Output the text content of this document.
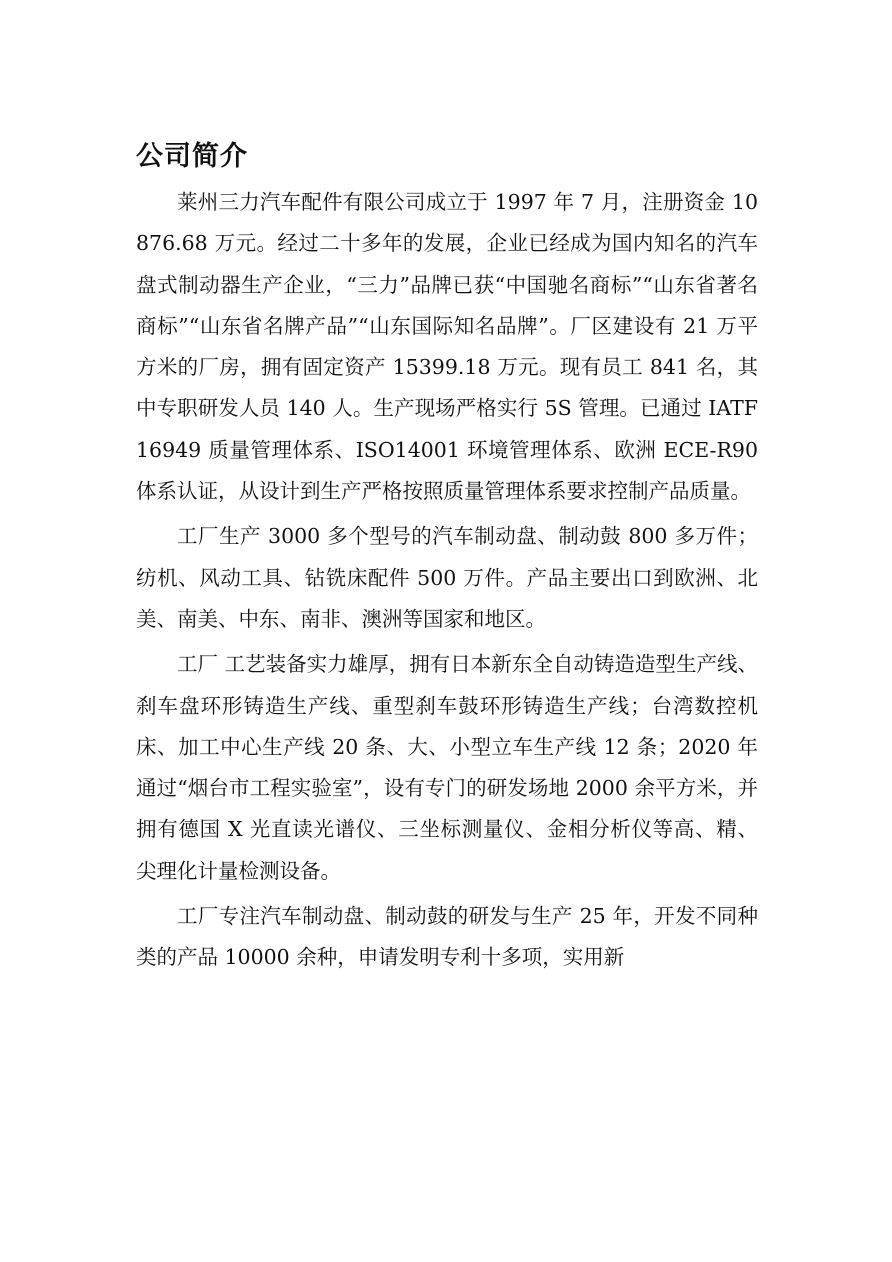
公司简介

莱州三力汽车配件有限公司成立于 1997 年 7 月，注册资金 10876.68 万元。经过二十多年的发展，企业已经成为国内知名的汽车盘式制动器生产企业，“三力”品牌已获“中国驰名商标”“山东省著名商标”“山东省名牌产品”“山东国际知名品牌”。厂区建设有 21 万平方米的厂房，拥有固定资产 15399.18 万元。现有员工 841 名，其中专职研发人员 140 人。生产现场严格实行 5S 管理。已通过 IATF16949 质量管理体系、ISO14001 环境管理体系、欧洲 ECE-R90 体系认证，从设计到生产严格按照质量管理体系要求控制产品质量。

工厂生产 3000 多个型号的汽车制动盘、制动鼓 800 多万件；纺机、风动工具、钻铣床配件 500 万件。产品主要出口到欧洲、北美、南美、中东、南非、澳洲等国家和地区。

工厂 工艺装备实力雄厚，拥有日本新东全自动铸造造型生产线、刹车盘环形铸造生产线、重型刹车鼓环形铸造生产线；台湾数控机床、加工中心生产线 20 条、大、小型立车生产线 12 条；2020 年通过“烟台市工程实验室”，设有专门的研发场地 2000 余平方米，并拥有德国 X 光直读光谱仪、三坐标测量仪、金相分析仪等高、精、尖理化计量检测设备。

工厂专注汽车制动盘、制动鼓的研发与生产 25 年，开发不同种类的产品 10000 余种，申请发明专利十多项，实用新
